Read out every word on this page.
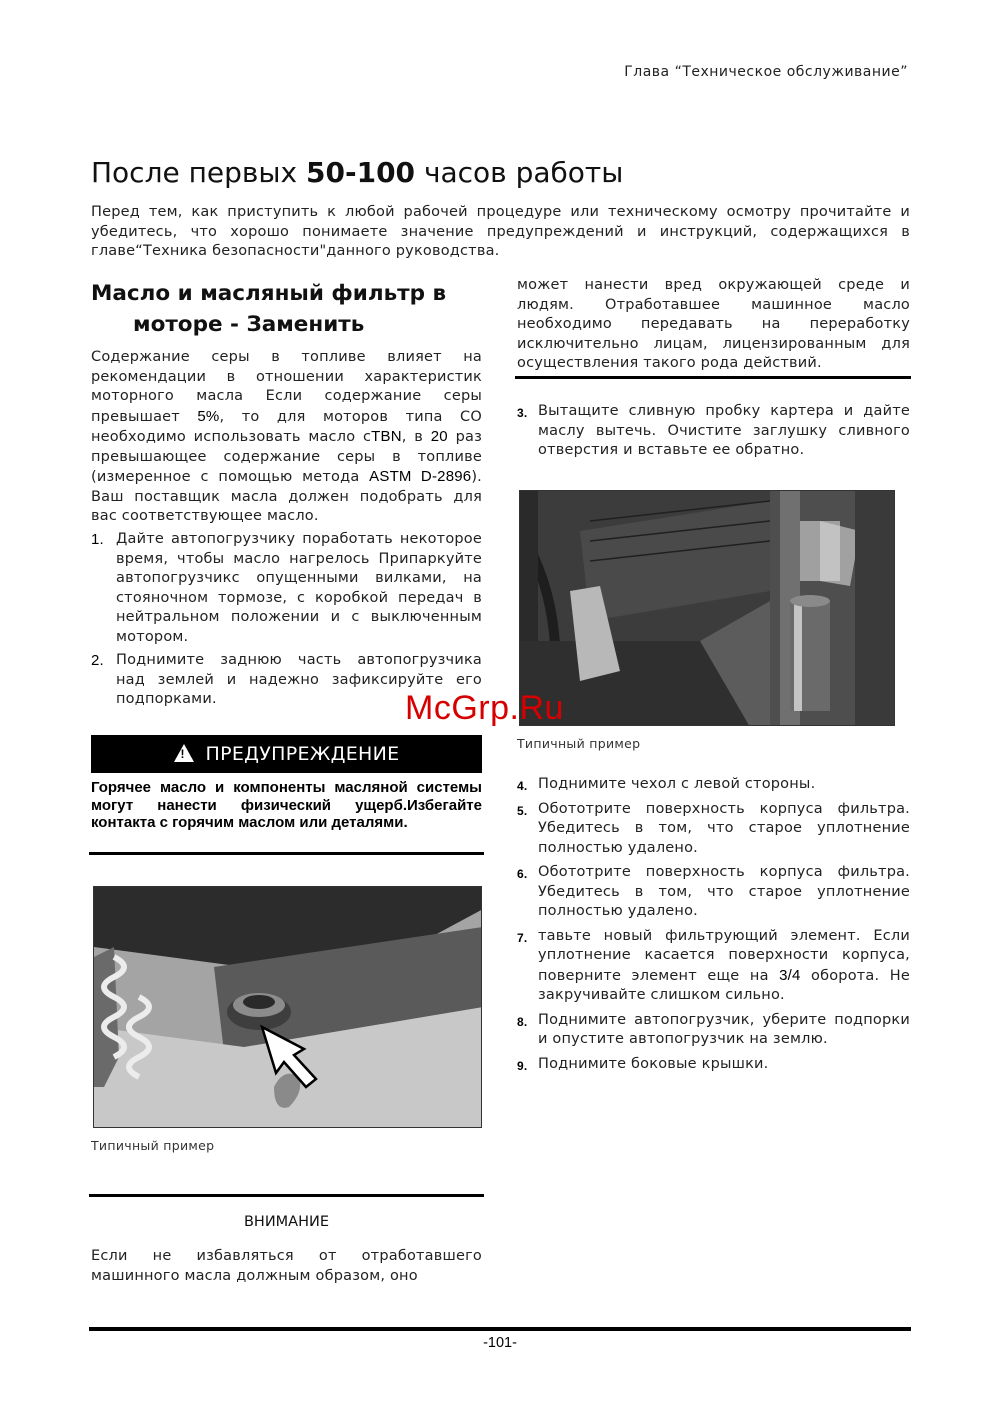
Глава “Техническое обслуживание”
После первых 50-100 часов работы

Перед тем, как приступить к любой рабочей процедуре или техническому осмотру прочитайте и убедитесь, что хорошо понимаете значение предупреждений и инструкций, содержащихся в главе“Техника безопасности"данного руководства.

Масло и масляный фильтр в
моторе - Заменить

Содержание серы в топливе влияет на рекомендации в отношении характеристик моторного масла Если содержание серы превышает 5%, то для моторов типа CO необходимо использовать масло сTBN, в 20 раз превышающее содержание серы в топливе (измеренное с помощью метода ASTM D-2896). Ваш поставщик масла должен подобрать для вас соответствующее масло.

1. Дайте автопогрузчику поработать некоторое время, чтобы масло нагрелось Припаркуйте автопогрузчикс опущенными вилками, на стояночном тормозе, с коробкой передач в нейтральном положении и с выключенным мотором.
2. Поднимите заднюю часть автопогрузчика над землей и надежно зафиксируйте его подпорками.
! ПРЕДУПРЕЖДЕНИЕ

Горячее масло и компоненты масляной системы могут нанести физический ущерб.Избегайте контакта с горячим маслом или деталями.

Типичный пример
ВНИМАНИЕ

Если не избавляться от отработавшего машинного масла должным образом, оно

может нанести вред окружающей среде и людям. Отработавшее машинное масло необходимо передавать на переработку исключительно лицам, лицензированным для осуществления такого рода действий.

3. Вытащите сливную пробку картера и дайте маслу вытечь. Очистите заглушку сливного отверстия и вставьте ее обратно.
Типичный пример
4. Поднимите чехол с левой стороны.
5. Обототрите поверхность корпуса фильтра. Убедитесь в том, что старое уплотнение полностью удалено.
6. Обототрите поверхность корпуса фильтра. Убедитесь в том, что старое уплотнение полностью удалено.
7. тавьте новый фильтрующий элемент. Если уплотнение касается поверхности корпуса, поверните элемент еще на 3/4 оборота. Не закручивайте слишком сильно.
8. Поднимите автопогрузчик, уберите подпорки и опустите автопогрузчик на землю.
9. Поднимите боковые крышки.
McGrp.Ru
-101-
